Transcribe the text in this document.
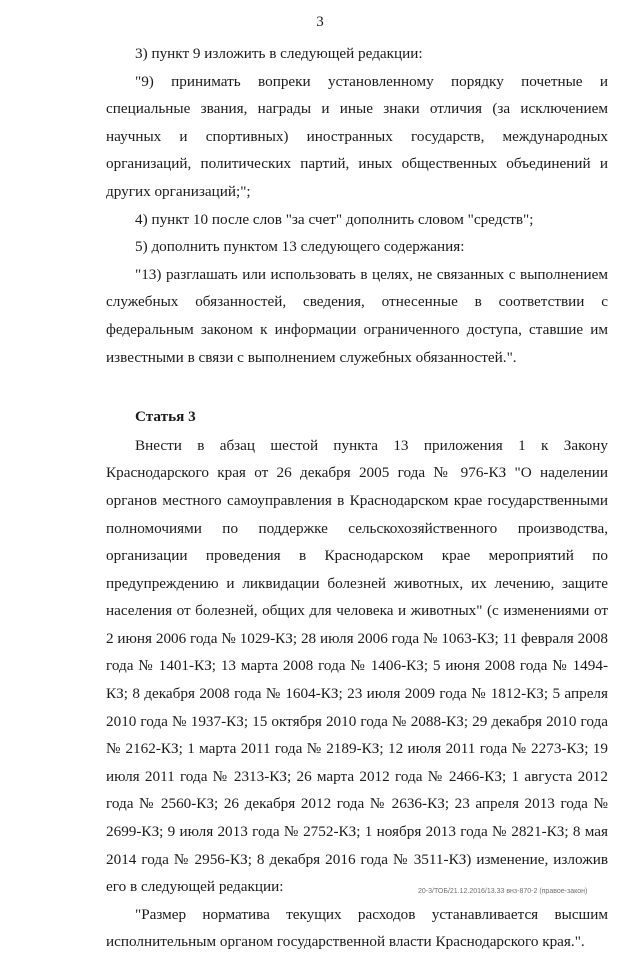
3

3) пункт 9 изложить в следующей редакции:

"9) принимать вопреки установленному порядку почетные и специальные звания, награды и иные знаки отличия (за исключением научных и спортивных) иностранных государств, международных организаций, политических партий, иных общественных объединений и других организаций;";

4) пункт 10 после слов "за счет" дополнить словом "средств";

5) дополнить пунктом 13 следующего содержания:

"13) разглашать или использовать в целях, не связанных с выполнением служебных обязанностей, сведения, отнесенные в соответствии с федеральным законом к информации ограниченного доступа, ставшие им известными в связи с выполнением служебных обязанностей.".

Статья 3

Внести в абзац шестой пункта 13 приложения 1 к Закону Краснодарского края от 26 декабря 2005 года № 976-КЗ "О наделении органов местного самоуправления в Краснодарском крае государственными полномочиями по поддержке сельскохозяйственного производства, организации проведения в Краснодарском крае мероприятий по предупреждению и ликвидации болезней животных, их лечению, защите населения от болезней, общих для человека и животных" (с изменениями от 2 июня 2006 года № 1029-КЗ; 28 июля 2006 года № 1063-КЗ; 11 февраля 2008 года № 1401-КЗ; 13 марта 2008 года № 1406-КЗ; 5 июня 2008 года № 1494-КЗ; 8 декабря 2008 года № 1604-КЗ; 23 июля 2009 года № 1812-КЗ; 5 апреля 2010 года № 1937-КЗ; 15 октября 2010 года № 2088-КЗ; 29 декабря 2010 года № 2162-КЗ; 1 марта 2011 года № 2189-КЗ; 12 июля 2011 года № 2273-КЗ; 19 июля 2011 года № 2313-КЗ; 26 марта 2012 года № 2466-КЗ; 1 августа 2012 года № 2560-КЗ; 26 декабря 2012 года № 2636-КЗ; 23 апреля 2013 года № 2699-КЗ; 9 июля 2013 года № 2752-КЗ; 1 ноября 2013 года № 2821-КЗ; 8 мая 2014 года № 2956-КЗ; 8 декабря 2016 года № 3511-КЗ) изменение, изложив его в следующей редакции:

"Размер норматива текущих расходов устанавливается высшим исполнительным органом государственной власти Краснодарского края.".

20-3/ТОБ/21.12.2016/13.33 внз-870-2 (правое-закон)
